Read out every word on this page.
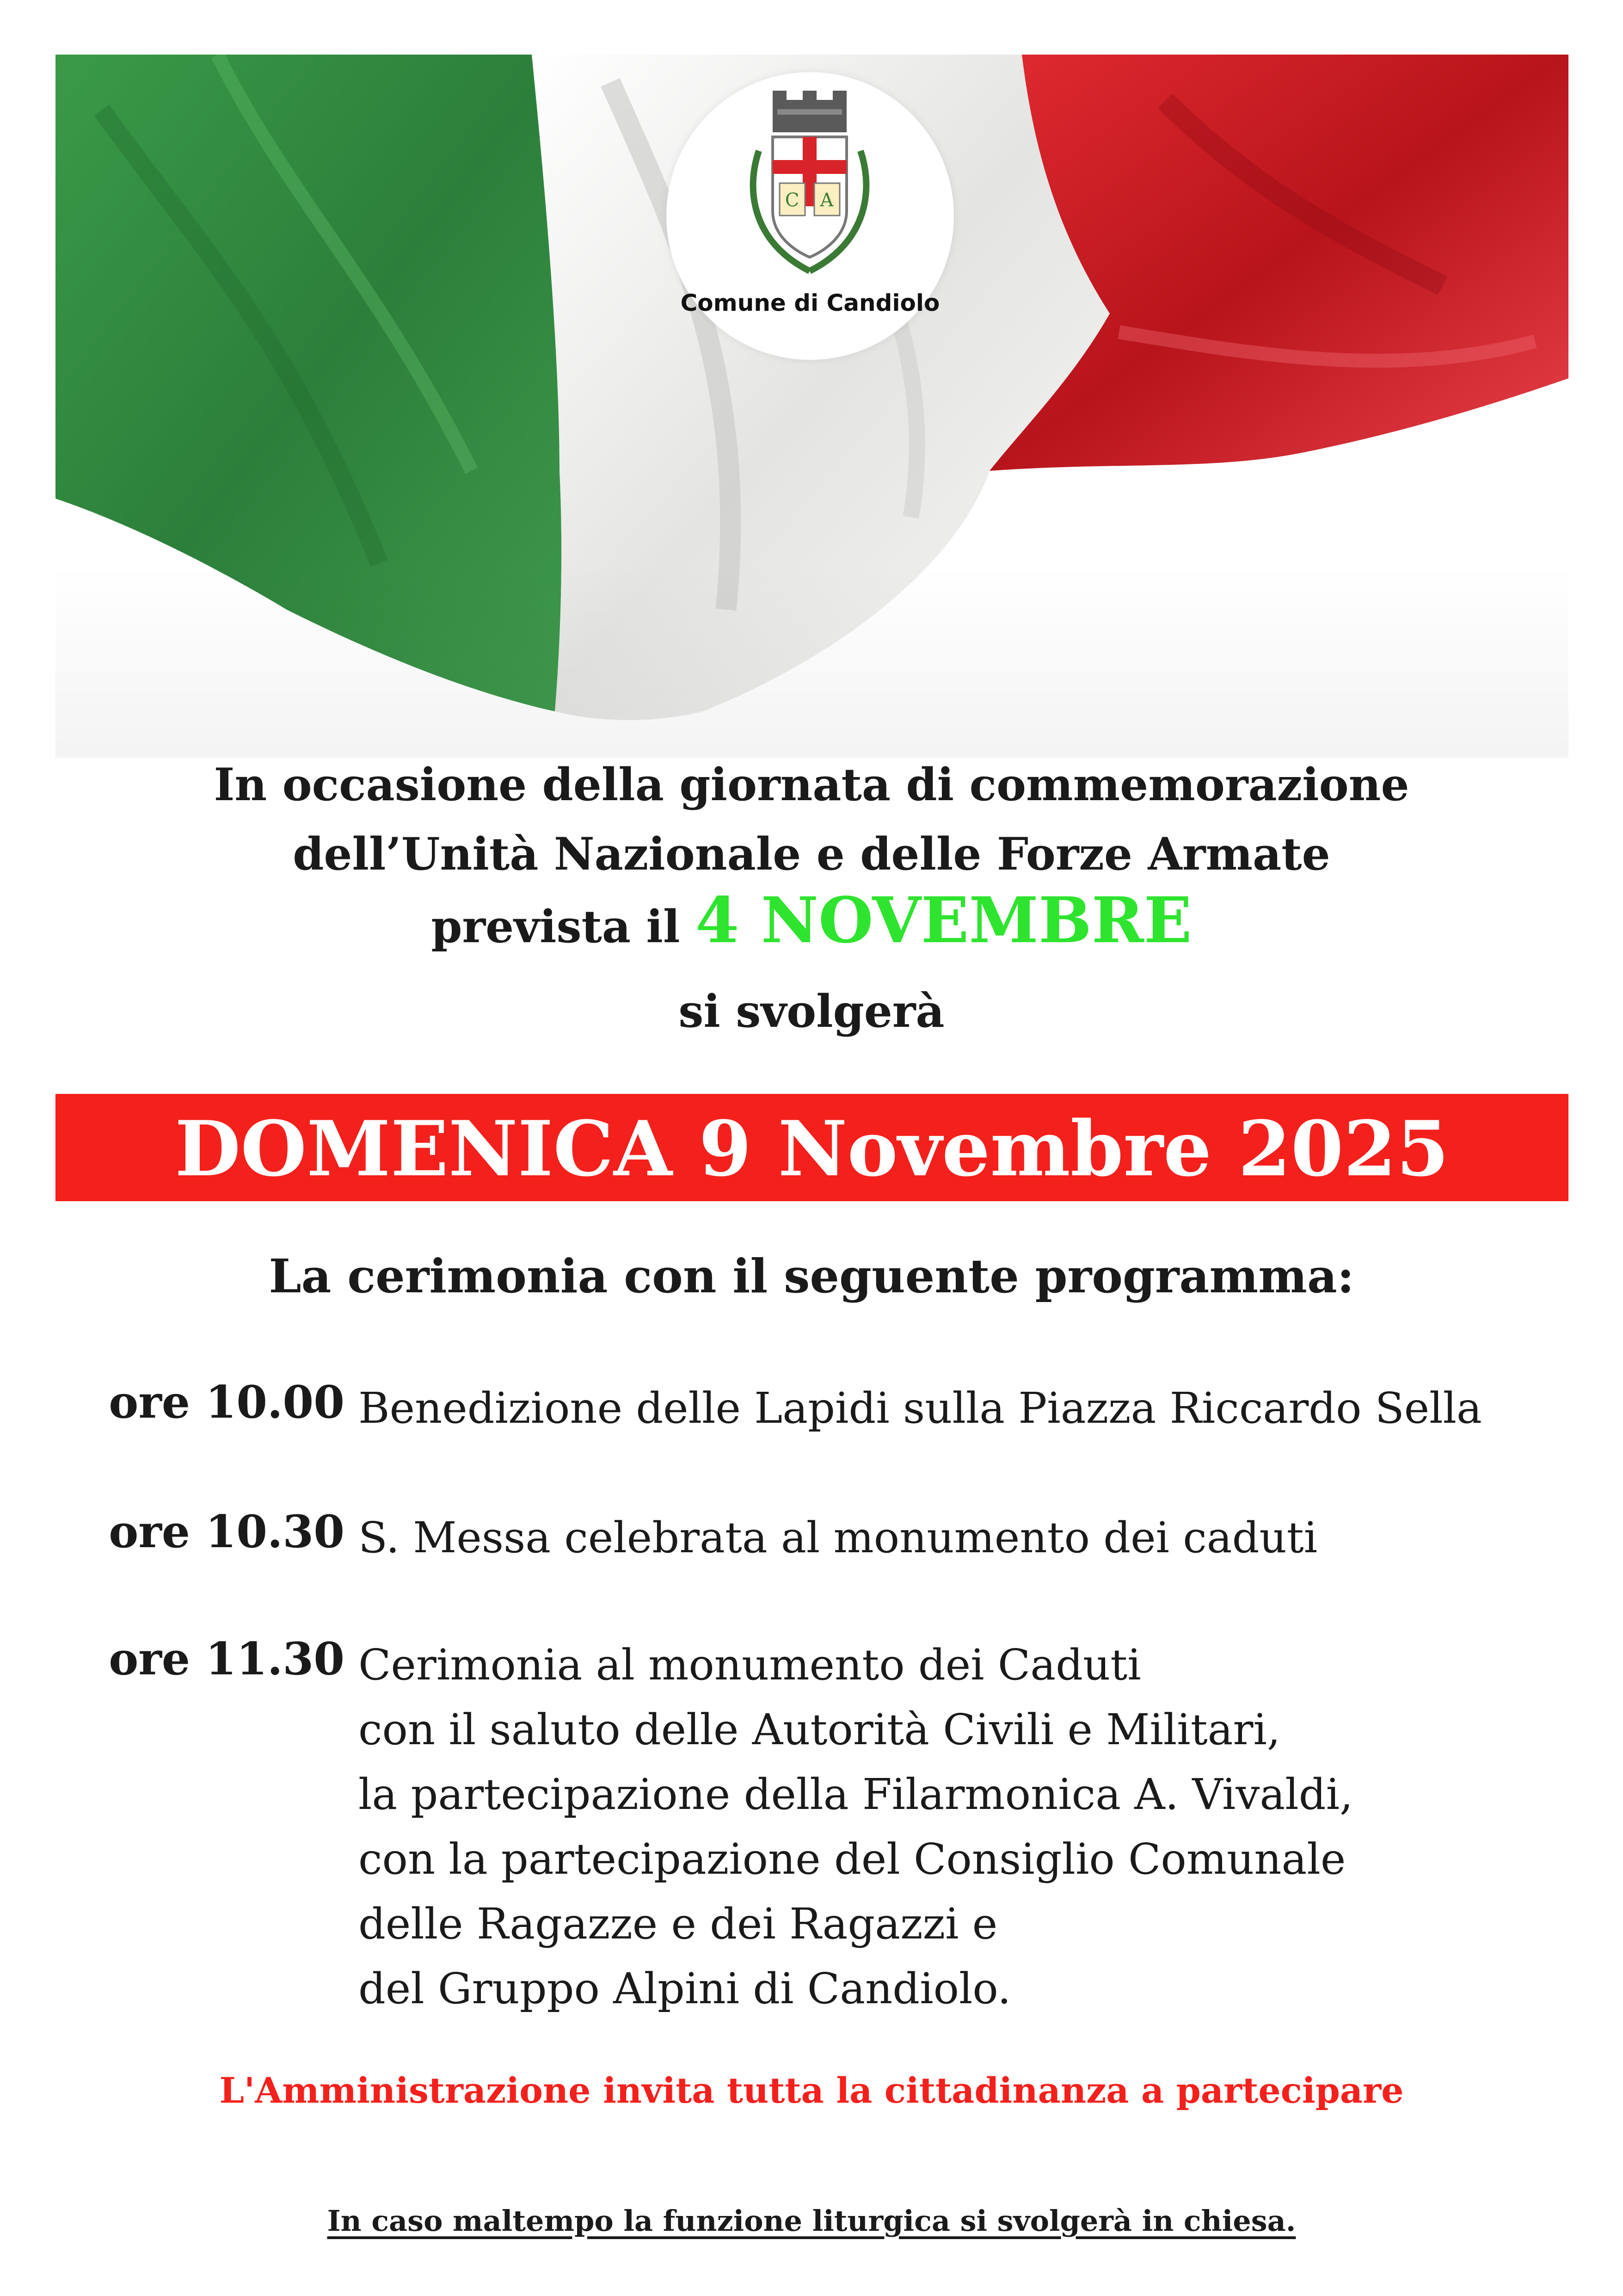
C A
Comune di Candiolo
In occasione della giornata di commemorazione
dell’Unità Nazionale e delle Forze Armate
prevista il 4 NOVEMBRE
si svolgerà
DOMENICA 9 Novembre 2025
La cerimonia con il seguente programma:
ore 10.00 Benedizione delle Lapidi sulla Piazza Riccardo Sella
ore 10.30 S. Messa celebrata al monumento dei caduti
ore 11.30 Cerimonia al monumento dei Caduti
con il saluto delle Autorità Civili e Militari,
la partecipazione della Filarmonica A. Vivaldi,
con la partecipazione del Consiglio Comunale
delle Ragazze e dei Ragazzi e
del Gruppo Alpini di Candiolo.
L'Amministrazione invita tutta la cittadinanza a partecipare
In caso maltempo la funzione liturgica si svolgerà in chiesa.
